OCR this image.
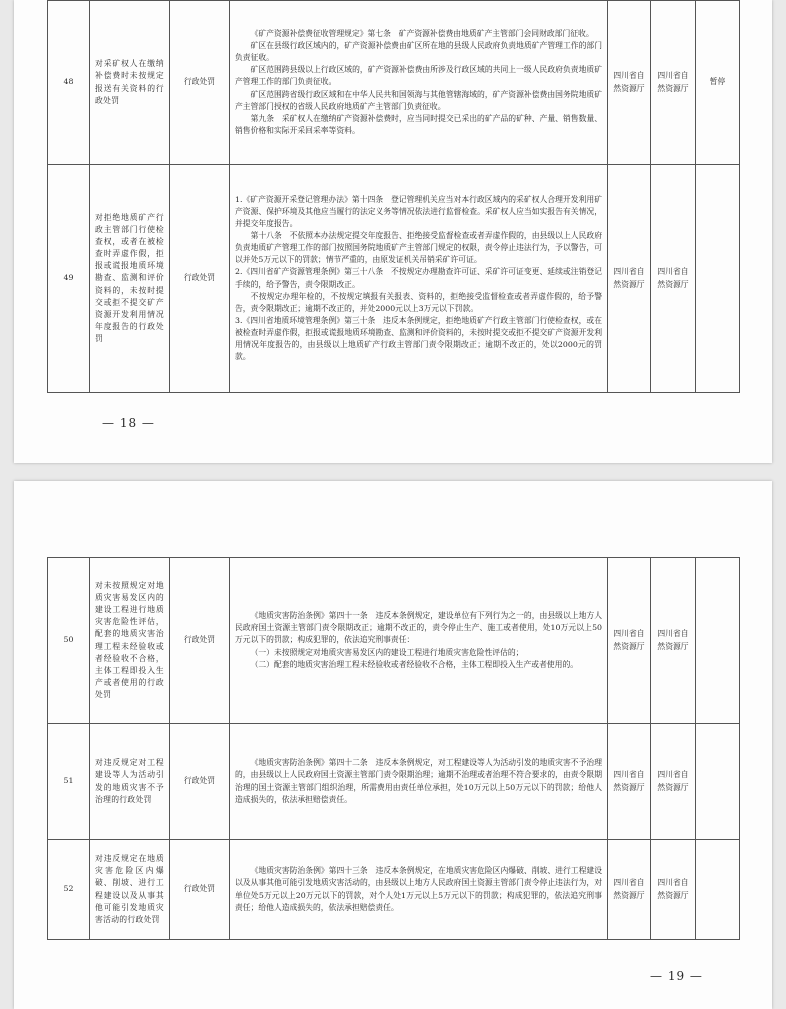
48	对采矿权人在缴纳补偿费时未按规定报送有关资料的行政处罚	行政处罚	《矿产资源补偿费征收管理规定》第七条　矿产资源补偿费由地质矿产主管部门会同财政部门征收。

矿区在县级行政区域内的，矿产资源补偿费由矿区所在地的县级人民政府负责地质矿产管理工作的部门负责征收。

矿区范围跨县级以上行政区域的，矿产资源补偿费由所涉及行政区域的共同上一级人民政府负责地质矿产管理工作的部门负责征收。

矿区范围跨省级行政区域和在中华人民共和国领海与其他管辖海域的，矿产资源补偿费由国务院地质矿产主管部门授权的省级人民政府地质矿产主管部门负责征收。

第九条　采矿权人在缴纳矿产资源补偿费时，应当同时提交已采出的矿产品的矿种、产量、销售数量、销售价格和实际开采回采率等资料。	四川省自然资源厅	四川省自然资源厅	暂停
49	对拒绝地质矿产行政主管部门行使检查权，或者在被检查时弄虚作假，拒报或谎报地质环境勘查、监测和评价资料的，未按时提交或拒不提交矿产资源开发利用情况年度报告的行政处罚	行政处罚	1.《矿产资源开采登记管理办法》第十四条　登记管理机关应当对本行政区域内的采矿权人合理开发利用矿产资源、保护环境及其他应当履行的法定义务等情况依法进行监督检查。采矿权人应当如实报告有关情况，并提交年度报告。

第十八条　不依照本办法规定提交年度报告、拒绝接受监督检查或者弄虚作假的，由县级以上人民政府负责地质矿产管理工作的部门按照国务院地质矿产主管部门规定的权限，责令停止违法行为，予以警告，可以并处5万元以下的罚款；情节严重的，由原发证机关吊销采矿许可证。

2.《四川省矿产资源管理条例》第三十八条　不按规定办理勘查许可证、采矿许可证变更、延续或注销登记手续的，给予警告，责令限期改正。

不按规定办理年检的，不按规定填报有关报表、资料的，拒绝接受监督检查或者弄虚作假的，给予警告，责令限期改正；逾期不改正的，并处2000元以上3万元以下罚款。

3.《四川省地质环境管理条例》第三十条　违反本条例规定，拒绝地质矿产行政主管部门行使检查权，或在被检查时弄虚作假，拒报或谎报地质环境勘查、监测和评价资料的，未按时提交或拒不提交矿产资源开发利用情况年度报告的，由县级以上地质矿产行政主管部门责令限期改正；逾期不改正的，处以2000元的罚款。	四川省自然资源厅	四川省自然资源厅	
— 18 —
50	对未按照规定对地质灾害易发区内的建设工程进行地质灾害危险性评估，配套的地质灾害治理工程未经验收或者经验收不合格，主体工程即投入生产或者使用的行政处罚	行政处罚	《地质灾害防治条例》第四十一条　违反本条例规定，建设单位有下列行为之一的，由县级以上地方人民政府国土资源主管部门责令限期改正；逾期不改正的，责令停止生产、施工或者使用，处10万元以上50万元以下的罚款；构成犯罪的，依法追究刑事责任：

（一）未按照规定对地质灾害易发区内的建设工程进行地质灾害危险性评估的；

（二）配套的地质灾害治理工程未经验收或者经验收不合格，主体工程即投入生产或者使用的。	四川省自然资源厅	四川省自然资源厅	
51	对违反规定对工程建设等人为活动引发的地质灾害不予治理的行政处罚	行政处罚	《地质灾害防治条例》第四十二条　违反本条例规定，对工程建设等人为活动引发的地质灾害不予治理的，由县级以上人民政府国土资源主管部门责令限期治理；逾期不治理或者治理不符合要求的，由责令限期治理的国土资源主管部门组织治理，所需费用由责任单位承担，处10万元以上50万元以下的罚款；给他人造成损失的，依法承担赔偿责任。	四川省自然资源厅	四川省自然资源厅	
52	对违反规定在地质灾害危险区内爆破、削坡、进行工程建设以及从事其他可能引发地质灾害活动的行政处罚	行政处罚	《地质灾害防治条例》第四十三条　违反本条例规定，在地质灾害危险区内爆破、削坡、进行工程建设以及从事其他可能引发地质灾害活动的，由县级以上地方人民政府国土资源主管部门责令停止违法行为，对单位处5万元以上20万元以下的罚款，对个人处1万元以上5万元以下的罚款；构成犯罪的，依法追究刑事责任；给他人造成损失的，依法承担赔偿责任。	四川省自然资源厅	四川省自然资源厅	
— 19 —
